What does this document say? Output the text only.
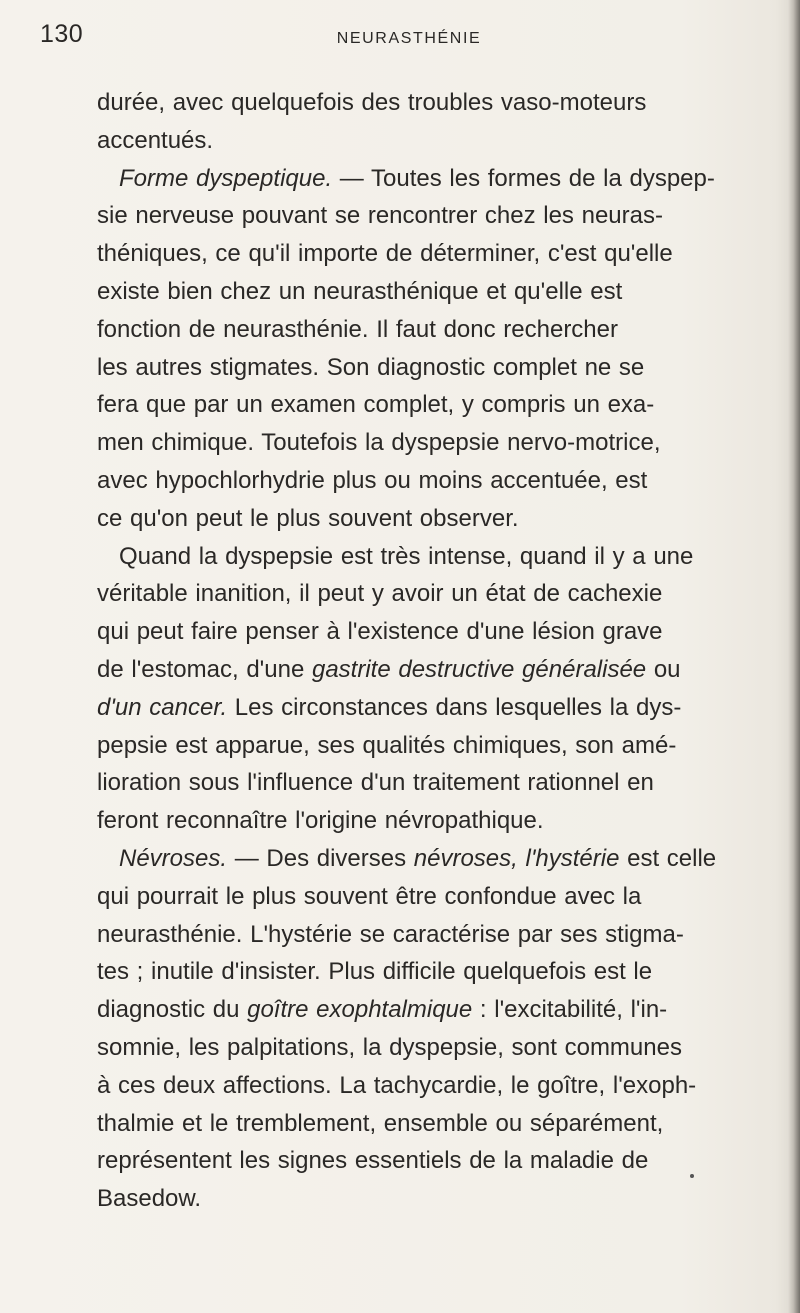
130	NEURASTHÉNIE
durée, avec quelquefois des troubles vaso-moteurs
accentués.
Forme dyspeptique. — Toutes les formes de la dyspep-
sie nerveuse pouvant se rencontrer chez les neuras-
théniques, ce qu'il importe de déterminer, c'est qu'elle
existe bien chez un neurasthénique et qu'elle est
fonction de neurasthénie. Il faut donc rechercher
les autres stigmates. Son diagnostic complet ne se
fera que par un examen complet, y compris un exa-
men chimique. Toutefois la dyspepsie nervo-motrice,
avec hypochlorhydrie plus ou moins accentuée, est
ce qu'on peut le plus souvent observer.
Quand la dyspepsie est très intense, quand il y a une
véritable inanition, il peut y avoir un état de cachexie
qui peut faire penser à l'existence d'une lésion grave
de l'estomac, d'une gastrite destructive généralisée ou
d'un cancer. Les circonstances dans lesquelles la dys-
pepsie est apparue, ses qualités chimiques, son amé-
lioration sous l'influence d'un traitement rationnel en
feront reconnaître l'origine névropathique.
Névroses. — Des diverses névroses, l'hystérie est celle
qui pourrait le plus souvent être confondue avec la
neurasthénie. L'hystérie se caractérise par ses stigma-
tes ; inutile d'insister. Plus difficile quelquefois est le
diagnostic du goître exophtalmique : l'excitabilité, l'in-
somnie, les palpitations, la dyspepsie, sont communes
à ces deux affections. La tachycardie, le goître, l'exoph-
thalmie et le tremblement, ensemble ou séparément,
représentent les signes essentiels de la maladie de
Basedow.
